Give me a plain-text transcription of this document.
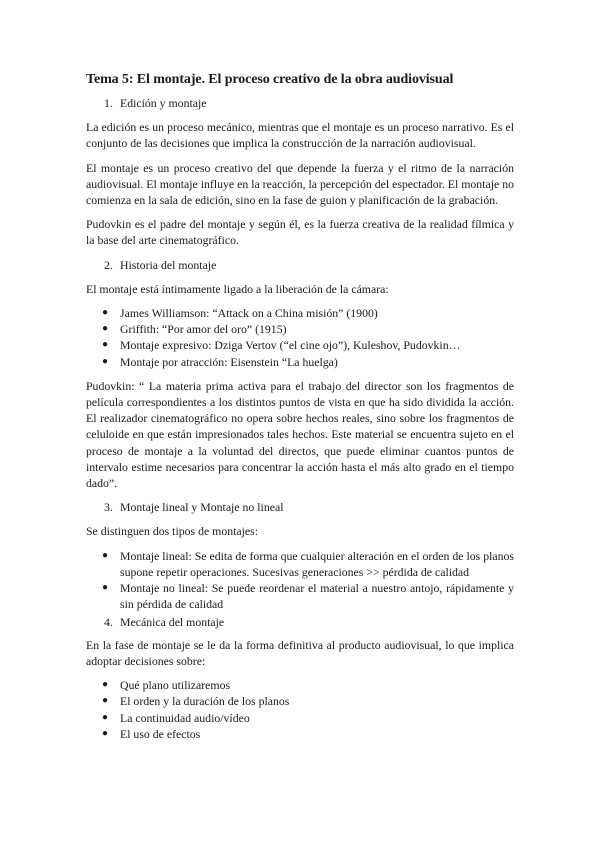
Tema 5: El montaje. El proceso creativo de la obra audiovisual
1. Edición y montaje

La edición es un proceso mecánico, mientras que el montaje es un proceso narrativo. Es el conjunto de las decisiones que implica la construcción de la narración audiovisual.

El montaje es un proceso creativo del que depende la fuerza y el ritmo de la narración audiovisual. El montaje influye en la reacción, la percepción del espectador. El montaje no comienza en la sala de edición, sino en la fase de guion y planificación de la grabación.

Pudovkin es el padre del montaje y según él, es la fuerza creativa de la realidad fílmica y la base del arte cinematográfico.

2. Historia del montaje

El montaje está íntimamente ligado a la liberación de la cámara:

● James Williamson: “Attack on a China misión” (1900)
● Griffith: “Por amor del oro” (1915)
● Montaje expresivo: Dziga Vertov (“el cine ojo”), Kuleshov, Pudovkin…
● Montaje por atracción: Eisenstein “La huelga)

Pudovkin: “ La materia prima activa para el trabajo del director son los fragmentos de película correspondientes a los distintos puntos de vista en que ha sido dividida la acción. El realizador cinematográfico no opera sobre hechos reales, sino sobre los fragmentos de celuloide en que están impresionados tales hechos. Este material se encuentra sujeto en el proceso de montaje a la voluntad del directos, que puede eliminar cuantos puntos de intervalo estime necesarios para concentrar la acción hasta el más alto grado en el tiempo dado”.

3. Montaje lineal y Montaje no lineal

Se distinguen dos tipos de montajes:

● Montaje lineal: Se edita de forma que cualquier alteración en el orden de los planos supone repetir operaciones. Sucesivas generaciones >> pérdida de calidad
● Montaje no lineal: Se puede reordenar el material a nuestro antojo, rápidamente y sin pérdida de calidad
4. Mecánica del montaje

En la fase de montaje se le da la forma definitiva al producto audiovisual, lo que implica adoptar decisiones sobre:

● Qué plano utilizaremos
● El orden y la duración de los planos
● La continuidad audio/vídeo
● El uso de efectos
